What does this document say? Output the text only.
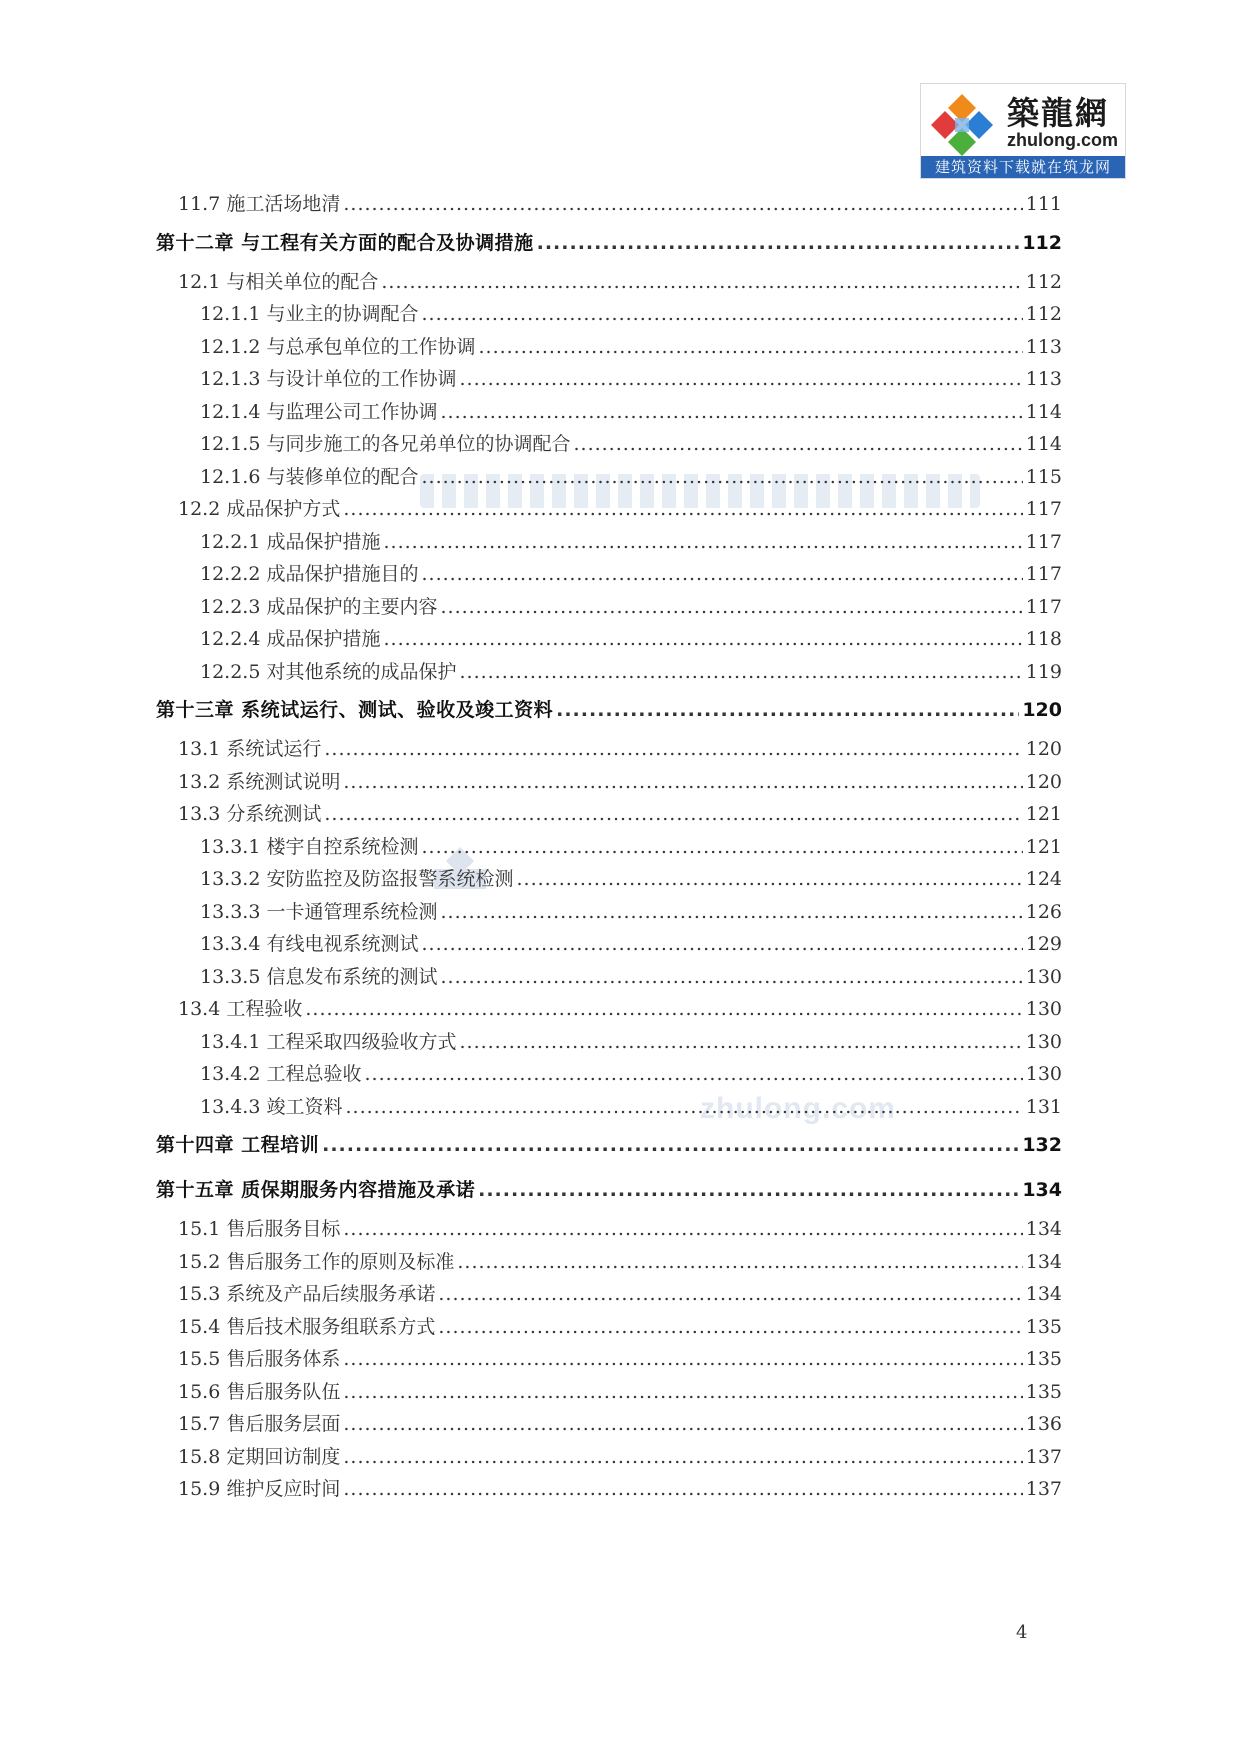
築龍網
zhulong.com
建筑资料下载就在筑龙网
zhulong.com
11.7 施工活场地清 .....	111
第十二章 与工程有关方面的配合及协调措施 .....	112
12.1 与相关单位的配合 .....	112
12.1.1 与业主的协调配合 .....	112
12.1.2 与总承包单位的工作协调 .....	113
12.1.3 与设计单位的工作协调 .....	113
12.1.4 与监理公司工作协调 .....	114
12.1.5 与同步施工的各兄弟单位的协调配合 .....	114
12.1.6 与装修单位的配合 .....	115
12.2 成品保护方式 .....	117
12.2.1 成品保护措施 .....	117
12.2.2 成品保护措施目的 .....	117
12.2.3 成品保护的主要内容 .....	117
12.2.4 成品保护措施 .....	118
12.2.5 对其他系统的成品保护 .....	119
第十三章 系统试运行、测试、验收及竣工资料 .....	120
13.1 系统试运行 .....	120
13.2 系统测试说明 .....	120
13.3 分系统测试 .....	121
13.3.1 楼宇自控系统检测 .....	121
13.3.2 安防监控及防盗报警系统检测 .....	124
13.3.3 一卡通管理系统检测 .....	126
13.3.4 有线电视系统测试 .....	129
13.3.5 信息发布系统的测试 .....	130
13.4 工程验收 .....	130
13.4.1 工程采取四级验收方式 .....	130
13.4.2 工程总验收 .....	130
13.4.3 竣工资料 .....	131
第十四章 工程培训 .....	132
第十五章 质保期服务内容措施及承诺 .....	134
15.1 售后服务目标 .....	134
15.2 售后服务工作的原则及标准 .....	134
15.3 系统及产品后续服务承诺 .....	134
15.4 售后技术服务组联系方式 .....	135
15.5 售后服务体系 .....	135
15.6 售后服务队伍 .....	135
15.7 售后服务层面 .....	136
15.8 定期回访制度 .....	137
15.9 维护反应时间 .....	137
4
